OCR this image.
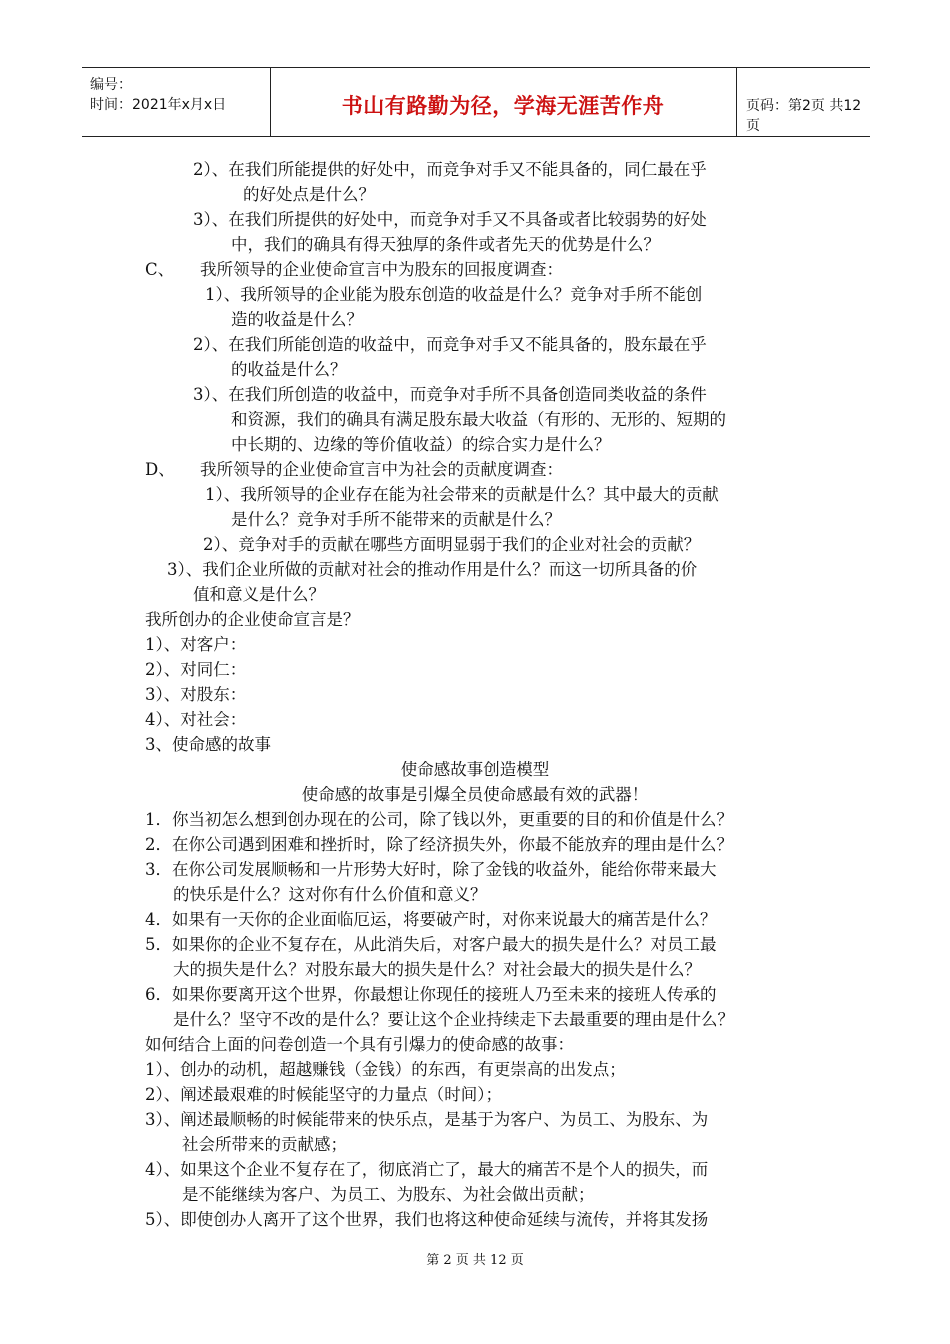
编号：
时间：2021年x月x日	书山有路勤为径，学海无涯苦作舟	页码：第2页 共12页
2）、在我们所能提供的好处中，而竞争对手又不能具备的，同仁最在乎
的好处点是什么？
3）、在我们所提供的好处中，而竞争对手又不具备或者比较弱势的好处
中，我们的确具有得天独厚的条件或者先天的优势是什么？
C、 我所领导的企业使命宣言中为股东的回报度调查：
1）、我所领导的企业能为股东创造的收益是什么？竞争对手所不能创
造的收益是什么？
2）、在我们所能创造的收益中，而竞争对手又不能具备的，股东最在乎
的收益是什么？
3）、在我们所创造的收益中，而竞争对手所不具备创造同类收益的条件
和资源，我们的确具有满足股东最大收益（有形的、无形的、短期的
中长期的、边缘的等价值收益）的综合实力是什么？
D、 我所领导的企业使命宣言中为社会的贡献度调查：
1）、我所领导的企业存在能为社会带来的贡献是什么？其中最大的贡献
是什么？竞争对手所不能带来的贡献是什么？
2）、竞争对手的贡献在哪些方面明显弱于我们的企业对社会的贡献？
3）、我们企业所做的贡献对社会的推动作用是什么？而这一切所具备的价
值和意义是什么？
我所创办的企业使命宣言是？
1）、对客户：
2）、对同仁：
3）、对股东：
4）、对社会：
3、使命感的故事
使命感故事创造模型
使命感的故事是引爆全员使命感最有效的武器！
1．你当初怎么想到创办现在的公司，除了钱以外，更重要的目的和价值是什么？
2．在你公司遇到困难和挫折时，除了经济损失外，你最不能放弃的理由是什么？
3．在你公司发展顺畅和一片形势大好时，除了金钱的收益外，能给你带来最大
的快乐是什么？这对你有什么价值和意义？
4．如果有一天你的企业面临厄运，将要破产时，对你来说最大的痛苦是什么？
5．如果你的企业不复存在，从此消失后，对客户最大的损失是什么？对员工最
大的损失是什么？对股东最大的损失是什么？对社会最大的损失是什么？
6．如果你要离开这个世界，你最想让你现任的接班人乃至未来的接班人传承的
是什么？坚守不改的是什么？要让这个企业持续走下去最重要的理由是什么？
如何结合上面的问卷创造一个具有引爆力的使命感的故事：
1）、创办的动机，超越赚钱（金钱）的东西，有更崇高的出发点；
2）、阐述最艰难的时候能坚守的力量点（时间）；
3）、阐述最顺畅的时候能带来的快乐点，是基于为客户、为员工、为股东、为
社会所带来的贡献感；
4）、如果这个企业不复存在了，彻底消亡了，最大的痛苦不是个人的损失，而
是不能继续为客户、为员工、为股东、为社会做出贡献；
5）、即使创办人离开了这个世界，我们也将这种使命延续与流传，并将其发扬
第 2 页 共 12 页
